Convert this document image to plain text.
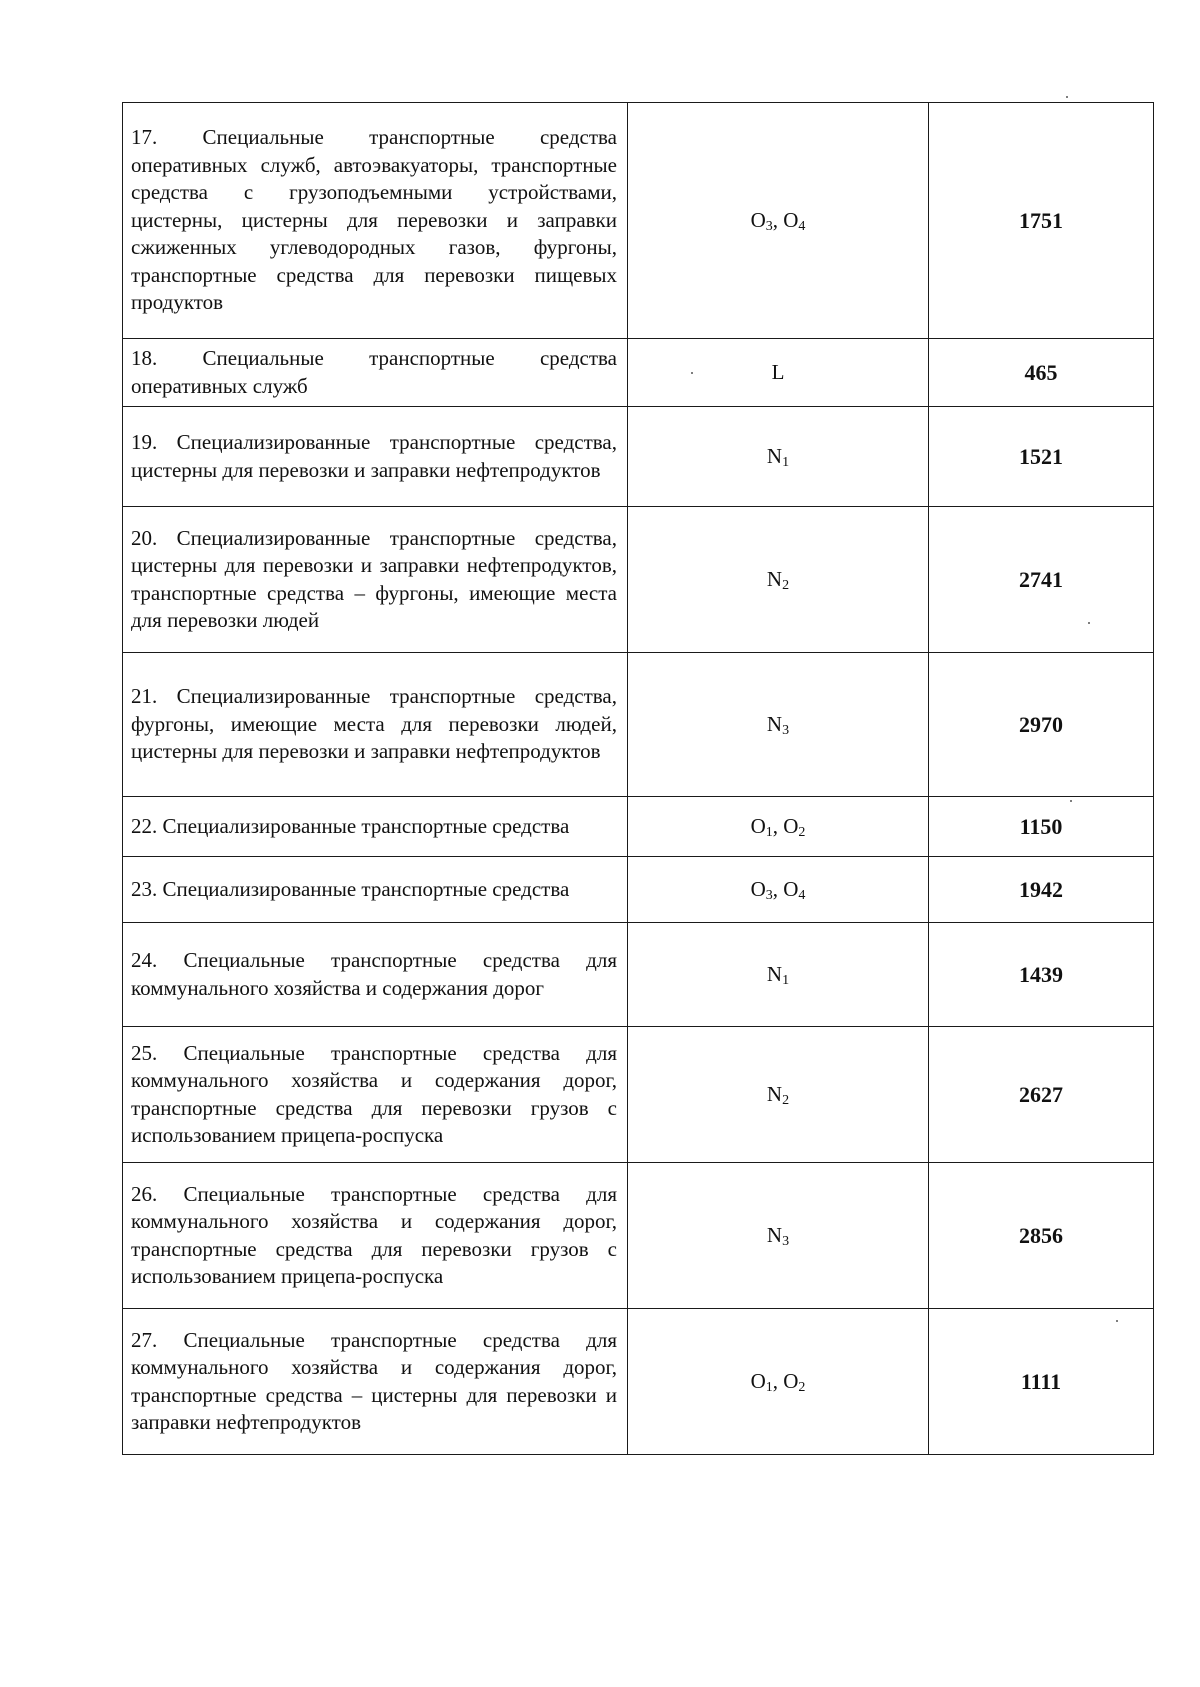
17. Специальные транспортные средства оперативных служб, автоэвакуаторы, транспортные средства с грузоподъемными устройствами, цистерны, цистерны для перевозки и заправки сжиженных углеводородных газов, фургоны, транспортные средства для перевозки пищевых продуктов	$O_3$, $O_4$	1751
18. Специальные транспортные средства оперативных служб	L	465
19. Специализированные транспортные средства, цистерны для перевозки и заправки нефтепродуктов	$N_1$	1521
20. Специализированные транспортные средства, цистерны для перевозки и заправки нефтепродуктов, транспортные средства – фургоны, имеющие места для перевозки людей	$N_2$	2741
21. Специализированные транспортные средства, фургоны, имеющие места для перевозки людей, цистерны для перевозки и заправки нефтепродуктов	$N_3$	2970
22. Специализированные транспортные средства	$O_1$, $O_2$	1150
23. Специализированные транспортные средства	$O_3$, $O_4$	1942
24. Специальные транспортные средства для коммунального хозяйства и содержания дорог	$N_1$	1439
25. Специальные транспортные средства для коммунального хозяйства и содержания дорог, транспортные средства для перевозки грузов с использованием прицепа-роспуска	$N_2$	2627
26. Специальные транспортные средства для коммунального хозяйства и содержания дорог, транспортные средства для перевозки грузов с использованием прицепа-роспуска	$N_3$	2856
27. Специальные транспортные средства для коммунального хозяйства и содержания дорог, транспортные средства – цистерны для перевозки и заправки нефтепродуктов	$O_1$, $O_2$	1111
